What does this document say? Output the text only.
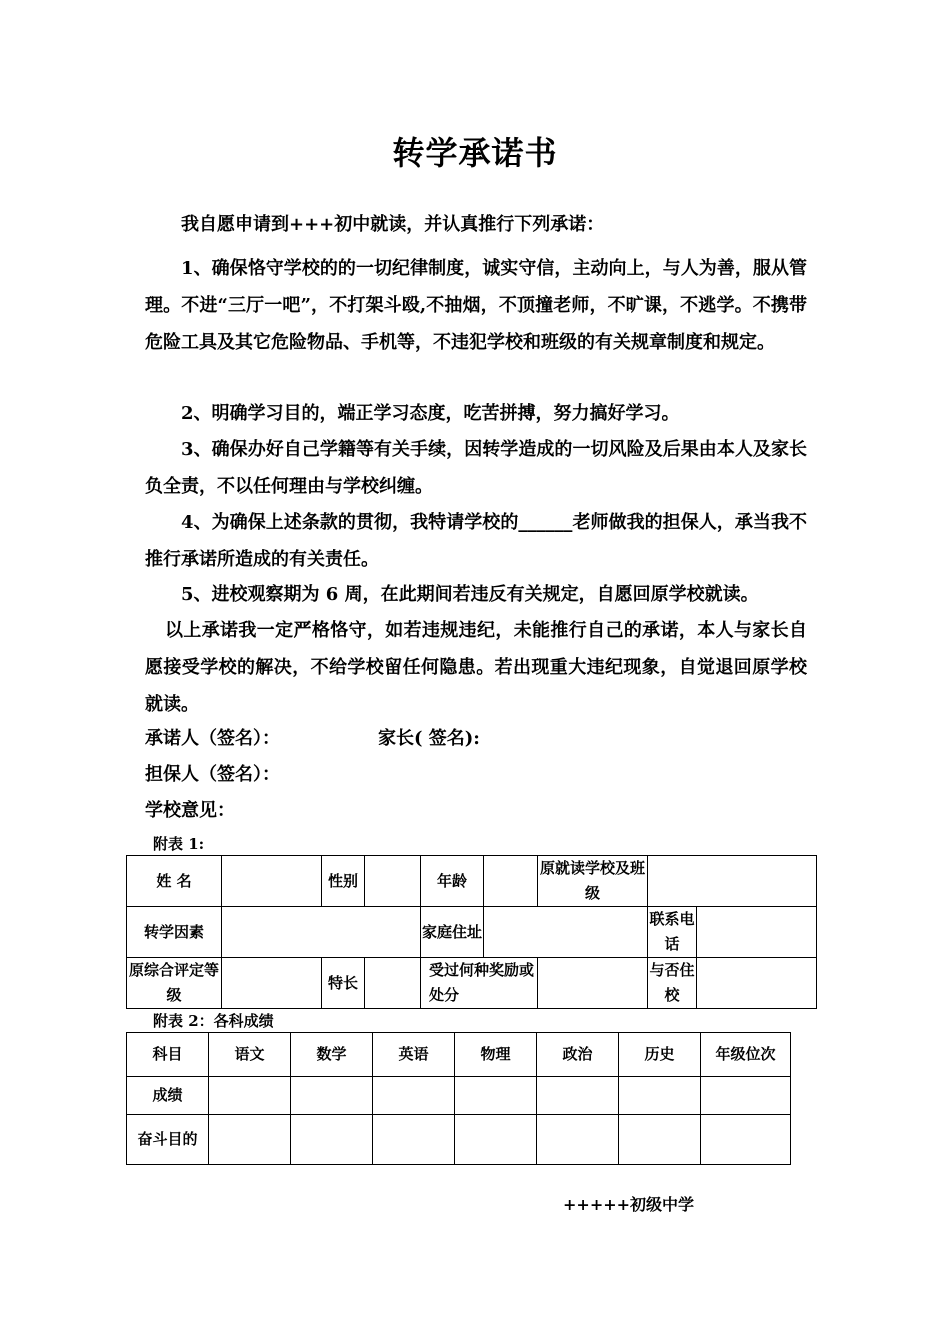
转学承诺书
我自愿申请到+++初中就读，并认真推行下列承诺：
1、确保恪守学校的的一切纪律制度，诚实守信，主动向上，与人为善，服从管理。不进“三厅一吧”，不打架斗殴,不抽烟，不顶撞老师，不旷课，不逃学。不携带危险工具及其它危险物品、手机等，不违犯学校和班级的有关规章制度和规定。
2、明确学习目的，端正学习态度，吃苦拼搏，努力搞好学习。
3、确保办好自己学籍等有关手续，因转学造成的一切风险及后果由本人及家长负全责，不以任何理由与学校纠缠。
4、为确保上述条款的贯彻，我特请学校的______老师做我的担保人，承当我不推行承诺所造成的有关责任。
5、进校观察期为 6 周，在此期间若违反有关规定，自愿回原学校就读。
以上承诺我一定严格恪守，如若违规违纪，未能推行自己的承诺，本人与家长自愿接受学校的解决，不给学校留任何隐患。若出现重大违纪现象，自觉退回原学校就读。
承诺人（签名）：	家长( 签名):
担保人（签名）：
学校意见：
附表 1:
姓 名		性别		年龄		原就读学校及班级		
转学因素				家庭住址			联系电话	
原综合评定等级		特长		受过何种奖励或处分			与否住校	
附表 2：各科成绩
科目	语文	数学	英语	物理	政治	历史	年级位次
成绩							
奋斗目的							
+++++初级中学
